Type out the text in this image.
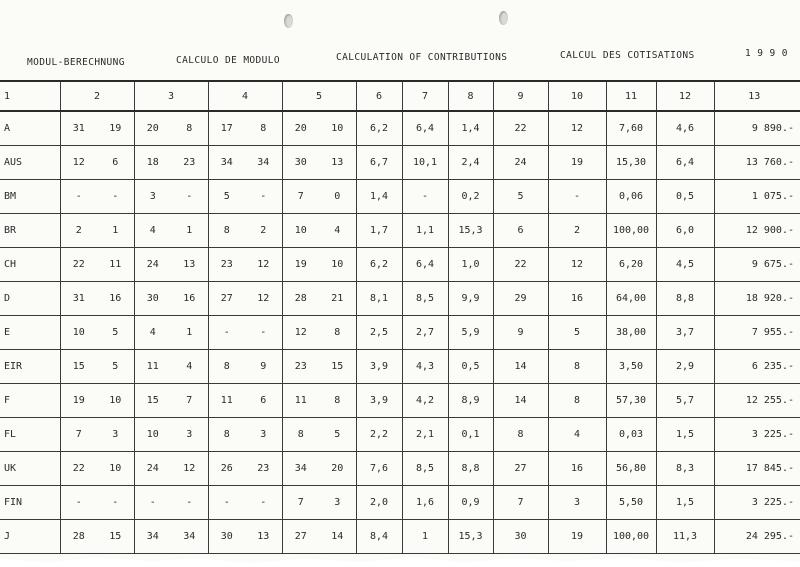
MODUL-BERECHNUNG	CALCULO DE MODULO	CALCULATION OF CONTRIBUTIONS	CALCUL DES COTISATIONS	1 9 9 0
1	2		3		4		5		6	7	8	9	10	11	12	13
A	31	19	20	8	17	8	20	10	6,2	6,4	1,4	22	12	7,60	4,6	9 890.-
AUS	12	6	18	23	34	34	30	13	6,7	10,1	2,4	24	19	15,30	6,4	13 760.-
BM	-	-	3	-	5	-	7	0	1,4	-	0,2	5	-	0,06	0,5	1 075.-
BR	2	1	4	1	8	2	10	4	1,7	1,1	15,3	6	2	100,00	6,0	12 900.-
CH	22	11	24	13	23	12	19	10	6,2	6,4	1,0	22	12	6,20	4,5	9 675.-
D	31	16	30	16	27	12	28	21	8,1	8,5	9,9	29	16	64,00	8,8	18 920.-
E	10	5	4	1	-	-	12	8	2,5	2,7	5,9	9	5	38,00	3,7	7 955.-
EIR	15	5	11	4	8	9	23	15	3,9	4,3	0,5	14	8	3,50	2,9	6 235.-
F	19	10	15	7	11	6	11	8	3,9	4,2	8,9	14	8	57,30	5,7	12 255.-
FL	7	3	10	3	8	3	8	5	2,2	2,1	0,1	8	4	0,03	1,5	3 225.-
UK	22	10	24	12	26	23	34	20	7,6	8,5	8,8	27	16	56,80	8,3	17 845.-
FIN	-	-	-	-	-	-	7	3	2,0	1,6	0,9	7	3	5,50	1,5	3 225.-
J	28	15	34	34	30	13	27	14	8,4	1	15,3	30	19	100,00	11,3	24 295.-
